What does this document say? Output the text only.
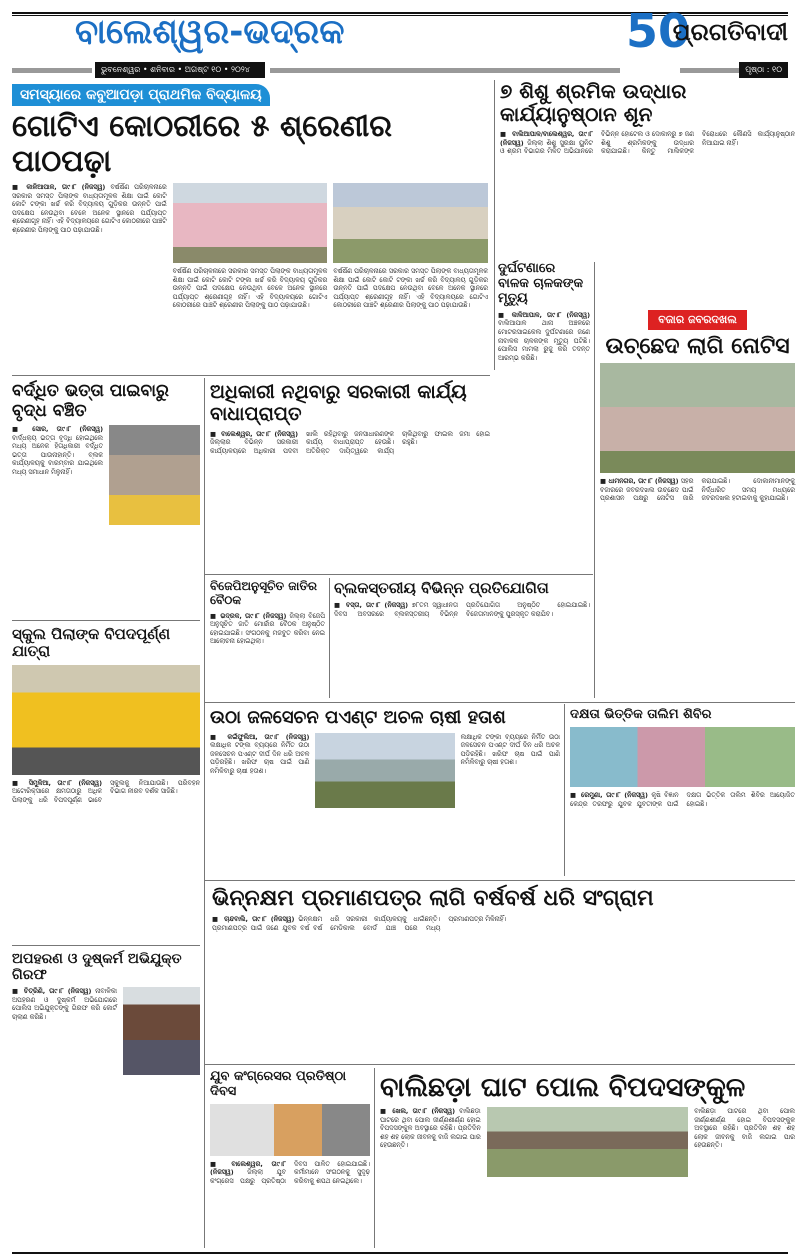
ବାଲେଶ୍ୱର-ଭଦ୍ରକ
ଭୁବନେଶ୍ୱର • ଶନିବାର • ଅଗଷ୍ଟ ୧୦ • ୨୦୨୪
50
ପ୍ରଗତିବାଦୀ
ପୃଷ୍ଠା : ୧୦
ସମସ୍ୟାରେ କବୁଆପଡ଼ା ପ୍ରାଥମିକ ବିଦ୍ୟାଳୟ
ଗୋଟିଏ କୋଠରୀରେ ୫ ଶ୍ରେଣୀର ପାଠପଢ଼ା
■ କାଳିଆପାଳ, ତା୯।୮ (ନିଜସ୍ୱ) ବର୍ଷର୍ଷିଣ ପରିଚାଳନାରେ ସରକାର ସମସ୍ତ ପିଲାଙ୍କ ବାଧ୍ୟତାମୂଳକ ଶିକ୍ଷା ପାଇଁ କୋଟି କୋଟି ଟଙ୍କା ଖର୍ଚ୍ଚ କରି ବିଦ୍ୟାଳୟ ଗୁଡ଼ିକର ଉନ୍ନତି ପାଇଁ ପଦକ୍ଷେପ ନେଉଥିବା ବେଳେ ଅନେକ ସ୍ଥାନରେ ପର୍ଯ୍ୟାପ୍ତ ଶ୍ରେଣୀଗୃହ ନାହିଁ। ଏହି ବିଦ୍ୟାଳୟରେ ଗୋଟିଏ କୋଠରୀରେ ପାଞ୍ଚଟି ଶ୍ରେଣୀର ପିଲାଙ୍କୁ ପାଠ ପଢ଼ାଯାଉଛି।
ବର୍ଷର୍ଷିଣ ପରିଚାଳନାରେ ସରକାର ସମସ୍ତ ପିଲାଙ୍କ ବାଧ୍ୟତାମୂଳକ ଶିକ୍ଷା ପାଇଁ କୋଟି କୋଟି ଟଙ୍କା ଖର୍ଚ୍ଚ କରି ବିଦ୍ୟାଳୟ ଗୁଡ଼ିକର ଉନ୍ନତି ପାଇଁ ପଦକ୍ଷେପ ନେଉଥିବା ବେଳେ ଅନେକ ସ୍ଥାନରେ ପର୍ଯ୍ୟାପ୍ତ ଶ୍ରେଣୀଗୃହ ନାହିଁ। ଏହି ବିଦ୍ୟାଳୟରେ ଗୋଟିଏ କୋଠରୀରେ ପାଞ୍ଚଟି ଶ୍ରେଣୀର ପିଲାଙ୍କୁ ପାଠ ପଢ଼ାଯାଉଛି।
ବର୍ଷର୍ଷିଣ ପରିଚାଳନାରେ ସରକାର ସମସ୍ତ ପିଲାଙ୍କ ବାଧ୍ୟତାମୂଳକ ଶିକ୍ଷା ପାଇଁ କୋଟି କୋଟି ଟଙ୍କା ଖର୍ଚ୍ଚ କରି ବିଦ୍ୟାଳୟ ଗୁଡ଼ିକର ଉନ୍ନତି ପାଇଁ ପଦକ୍ଷେପ ନେଉଥିବା ବେଳେ ଅନେକ ସ୍ଥାନରେ ପର୍ଯ୍ୟାପ୍ତ ଶ୍ରେଣୀଗୃହ ନାହିଁ। ଏହି ବିଦ୍ୟାଳୟରେ ଗୋଟିଏ କୋଠରୀରେ ପାଞ୍ଚଟି ଶ୍ରେଣୀର ପିଲାଙ୍କୁ ପାଠ ପଢ଼ାଯାଉଛି।
୭ ଶିଶୁ ଶ୍ରମିକ ଉଦ୍ଧାର କାର୍ଯ୍ୟାନୁଷ୍ଠାନ ଶୂନ
■ ବାଲିଆପାଳ/ବାଲେଶ୍ୱର, ତା୯।୮ (ନିଜସ୍ୱ) ଜିଲ୍ଲା ଶିଶୁ ସୁରକ୍ଷା ୟୁନିଟ ଓ ଶ୍ରମ ବିଭାଗର ମିଳିତ ଅଭିଯାନରେ ବିଭିନ୍ନ ହୋଟେଲ ଓ ଦୋକାନରୁ ୭ ଜଣ ଶିଶୁ ଶ୍ରମିକଙ୍କୁ ଉଦ୍ଧାର କରାଯାଇଛି। କିନ୍ତୁ ମାଲିକଙ୍କ ବିରୋଧରେ କୌଣସି କାର୍ଯ୍ୟାନୁଷ୍ଠାନ ନିଆଯାଇ ନାହିଁ।
ଦୁର୍ଘଟଣାରେ ବାଳକ ଚାଳକଙ୍କ ମୃତ୍ୟୁ
■ କାଳିଆପାଳ, ତା୯।୮ (ନିଜସ୍ୱ) ବାଲିଆପାଳ ଥାନା ଅଞ୍ଚଳରେ ମୋଟରସାଇକେଲ ଦୁର୍ଘଟଣାରେ ଜଣେ ନାବାଳକ ଚାଳକଙ୍କ ମୃତ୍ୟୁ ଘଟିଛି। ପୋଲିସ ମାମଲା ରୁଜୁ କରି ତଦନ୍ତ ଆରମ୍ଭ କରିଛି।
ବଜାର ଜବରଦଖଲ
ଉଚ୍ଛେଦ ଲାଗି ନୋଟିସ
■ ଧାମନଗର, ତା୯।୮ (ନିଜସ୍ୱ) ସହର ବଜାରରେ ଜବରଦଖଲ ଉଚ୍ଛେଦ ପାଇଁ ପ୍ରଶାସନ ପକ୍ଷରୁ ନୋଟିସ ଜାରି କରାଯାଇଛି। ଦୋକାନୀମାନଙ୍କୁ ନିର୍ଦ୍ଧାରିତ ସମୟ ମଧ୍ୟରେ ଜବରଦଖଲ ହଟାଇବାକୁ କୁହାଯାଇଛି।
ବର୍ଦ୍ଧିତ ଭତ୍ତା ପାଇବାରୁ ବୃଦ୍ଧ ବଞ୍ଚିତ
■ ସୋର, ତା୯।୮ (ନିଜସ୍ୱ) ବାର୍ଦ୍ଧକ୍ୟ ଭତ୍ତା ବୃଦ୍ଧି ହୋଇଥିଲେ ମଧ୍ୟ ଅନେକ ହିତାଧିକାରୀ ବର୍ଦ୍ଧିତ ଭତ୍ତା ପାଉନାହାନ୍ତି। ବ୍ଲକ କାର୍ଯ୍ୟାଳୟକୁ ବାରମ୍ବାର ଯାଇଥିଲେ ମଧ୍ୟ ସମାଧାନ ମିଳୁନାହିଁ।
ଅଧିକାରୀ ନଥିବାରୁ ସରକାରୀ କାର୍ଯ୍ୟ ବାଧାପ୍ରାପ୍ତ
■ ବାଲେଶ୍ୱର, ତା୯।୮ (ନିଜସ୍ୱ) ଜିଲ୍ଲାର ବିଭିନ୍ନ ସରକାରୀ କାର୍ଯ୍ୟାଳୟରେ ଅଧିକାରୀ ପଦବୀ ଖାଲି ରହିଥିବାରୁ ଜନସାଧାରଣଙ୍କ କାର୍ଯ୍ୟ ବାଧାପ୍ରାପ୍ତ ହେଉଛି। ଅତିରିକ୍ତ ଦାୟିତ୍ୱରେ କାର୍ଯ୍ୟ ଚାଲିଥିବାରୁ ଫାଇଲ ଜମା ହୋଇ ରହୁଛି।
ବିଜେପିଅନୁସୂଚିତ ଜାତିର ବୈଠକ
■ ଭଦ୍ରକ, ତା୯।୮ (ନିଜସ୍ୱ) ଜିଲ୍ଲା ବିଜେପି ଅନୁସୂଚିତ ଜାତି ମୋର୍ଚ୍ଚାର ବୈଠକ ଅନୁଷ୍ଠିତ ହୋଇଯାଇଛି। ସଂଗଠନକୁ ମଜବୁତ କରିବା ନେଇ ଆଲୋଚନା ହୋଇଥିଲା।
ବ୍ଲକସ୍ତରୀୟ ବିଭିନ୍ନ ପ୍ରତିଯୋଗିତା
■ ବସ୍ତା, ତା୯।୮ (ନିଜସ୍ୱ) ୭୮ତମ ସ୍ୱାଧୀନତା ଦିବସ ଅବସରରେ ବ୍ଲକସ୍ତରୀୟ ବିଭିନ୍ନ ପ୍ରତିଯୋଗିତା ଅନୁଷ୍ଠିତ ହୋଇଯାଇଛି। ବିଜେତାମାନଙ୍କୁ ପୁରସ୍କୃତ କରାଯିବ।
ସ୍କୁଲ ପିଲାଙ୍କ ବିପଦପୂର୍ଣ୍ଣ ଯାତ୍ରା
■ ସିମୁଳିଆ, ତା୯।୮ (ନିଜସ୍ୱ) ଅଟୋରିକ୍ସାରେ କ୍ଷମତାଠାରୁ ଅଧିକ ପିଲାଙ୍କୁ ଧରି ବିପଦପୂର୍ଣ୍ଣ ଭାବେ ସ୍କୁଲକୁ ନିଆଯାଉଛି। ପରିବହନ ବିଭାଗ ନୀରବ ଦର୍ଶକ ସାଜିଛି।
ଉଠା ଜଳସେଚନ ପଏଣ୍ଟ ଅଚଳ ଚାଷୀ ହତାଶ
■ କଇଁଫୁଲିଆ, ତା୯।୮ (ନିଜସ୍ୱ) ଲକ୍ଷାଧିକ ଟଙ୍କା ବ୍ୟୟରେ ନିର୍ମିତ ଉଠା ଜଳସେଚନ ପଏଣ୍ଟ ଦୀର୍ଘ ଦିନ ଧରି ଅଚଳ ପଡ଼ିରହିଛି। ଖରିଫ ଚାଷ ପାଇଁ ପାଣି ନମିଳିବାରୁ ଚାଷୀ ହତାଶ।
ଲକ୍ଷାଧିକ ଟଙ୍କା ବ୍ୟୟରେ ନିର୍ମିତ ଉଠା ଜଳସେଚନ ପଏଣ୍ଟ ଦୀର୍ଘ ଦିନ ଧରି ଅଚଳ ପଡ଼ିରହିଛି। ଖରିଫ ଚାଷ ପାଇଁ ପାଣି ନମିଳିବାରୁ ଚାଷୀ ହତାଶ।
ଦକ୍ଷତା ଭିତ୍ତିକ ତାଲିମ ଶିବିର
■ ରେମୁଣା, ତା୯।୮ (ନିଜସ୍ୱ) କୃଷି ବିଜ୍ଞାନ କେନ୍ଦ୍ର ତରଫରୁ ଯୁବକ ଯୁବତୀଙ୍କ ପାଇଁ ଦକ୍ଷତା ଭିତ୍ତିକ ତାଲିମ ଶିବିର ଆୟୋଜିତ ହୋଇଛି।
ଭିନ୍ନକ୍ଷମ ପ୍ରମାଣପତ୍ର ଲାଗି ବର୍ଷବର୍ଷ ଧରି ସଂଗ୍ରାମ
■ ଚାନ୍ଦବାଲି, ତା୯।୮ (ନିଜସ୍ୱ) ଭିନ୍ନକ୍ଷମ ପ୍ରମାଣପତ୍ର ପାଇଁ ଜଣେ ଯୁବକ ବର୍ଷ ବର୍ଷ ଧରି ସରକାରୀ କାର୍ଯ୍ୟାଳୟକୁ ଧାଇଁଛନ୍ତି। ମେଡିକାଲ ବୋର୍ଡ ଯାଞ୍ଚ ପରେ ମଧ୍ୟ ପ୍ରମାଣପତ୍ର ମିଳିନାହିଁ।
ଅପହରଣ ଓ ଦୁଷ୍କର୍ମ ଅଭିଯୁକ୍ତ ଗିରଫ
■ ଚିତ୍ରିଣି, ତା୯।୮ (ନିଜସ୍ୱ) ନାବାଳିକା ଅପହରଣ ଓ ଦୁଷ୍କର୍ମ ଅଭିଯୋଗରେ ପୋଲିସ ଅଭିଯୁକ୍ତଙ୍କୁ ଗିରଫ କରି କୋର୍ଟ ଚାଲାଣ କରିଛି।
ଯୁବ କଂଗ୍ରେସର ପ୍ରତିଷ୍ଠା ଦିବସ
■ ବାଲେଶ୍ୱର, ତା୯।୮ (ନିଜସ୍ୱ) ଜିଲ୍ଲା ଯୁବ କଂଗ୍ରେସ ପକ୍ଷରୁ ପ୍ରତିଷ୍ଠା ଦିବସ ପାଳିତ ହୋଇଯାଇଛି। କର୍ମୀମାନେ ସଂଗଠନକୁ ସୁଦୃଢ଼ କରିବାକୁ ଶପଥ ନେଇଥିଲେ।
ବାଲିଛଡ଼ା ଘାଟ ପୋଲ ବିପଦସଙ୍କୁଳ
■ ଖେଲ, ତା୯।୮ (ନିଜସ୍ୱ) ବାଲିଛଡ଼ା ଘାଟରେ ଥିବା ପୋଲ ଜୀର୍ଣ୍ଣଶୀର୍ଣ୍ଣ ହୋଇ ବିପଦସଙ୍କୁଳ ଅବସ୍ଥାରେ ରହିଛି। ପ୍ରତିଦିନ ଶହ ଶହ ଲୋକ ଜୀବନକୁ ବାଜି ଲଗାଇ ପାର ହେଉଛନ୍ତି।
ବାଲିଛଡ଼ା ଘାଟରେ ଥିବା ପୋଲ ଜୀର୍ଣ୍ଣଶୀର୍ଣ୍ଣ ହୋଇ ବିପଦସଙ୍କୁଳ ଅବସ୍ଥାରେ ରହିଛି। ପ୍ରତିଦିନ ଶହ ଶହ ଲୋକ ଜୀବନକୁ ବାଜି ଲଗାଇ ପାର ହେଉଛନ୍ତି।
